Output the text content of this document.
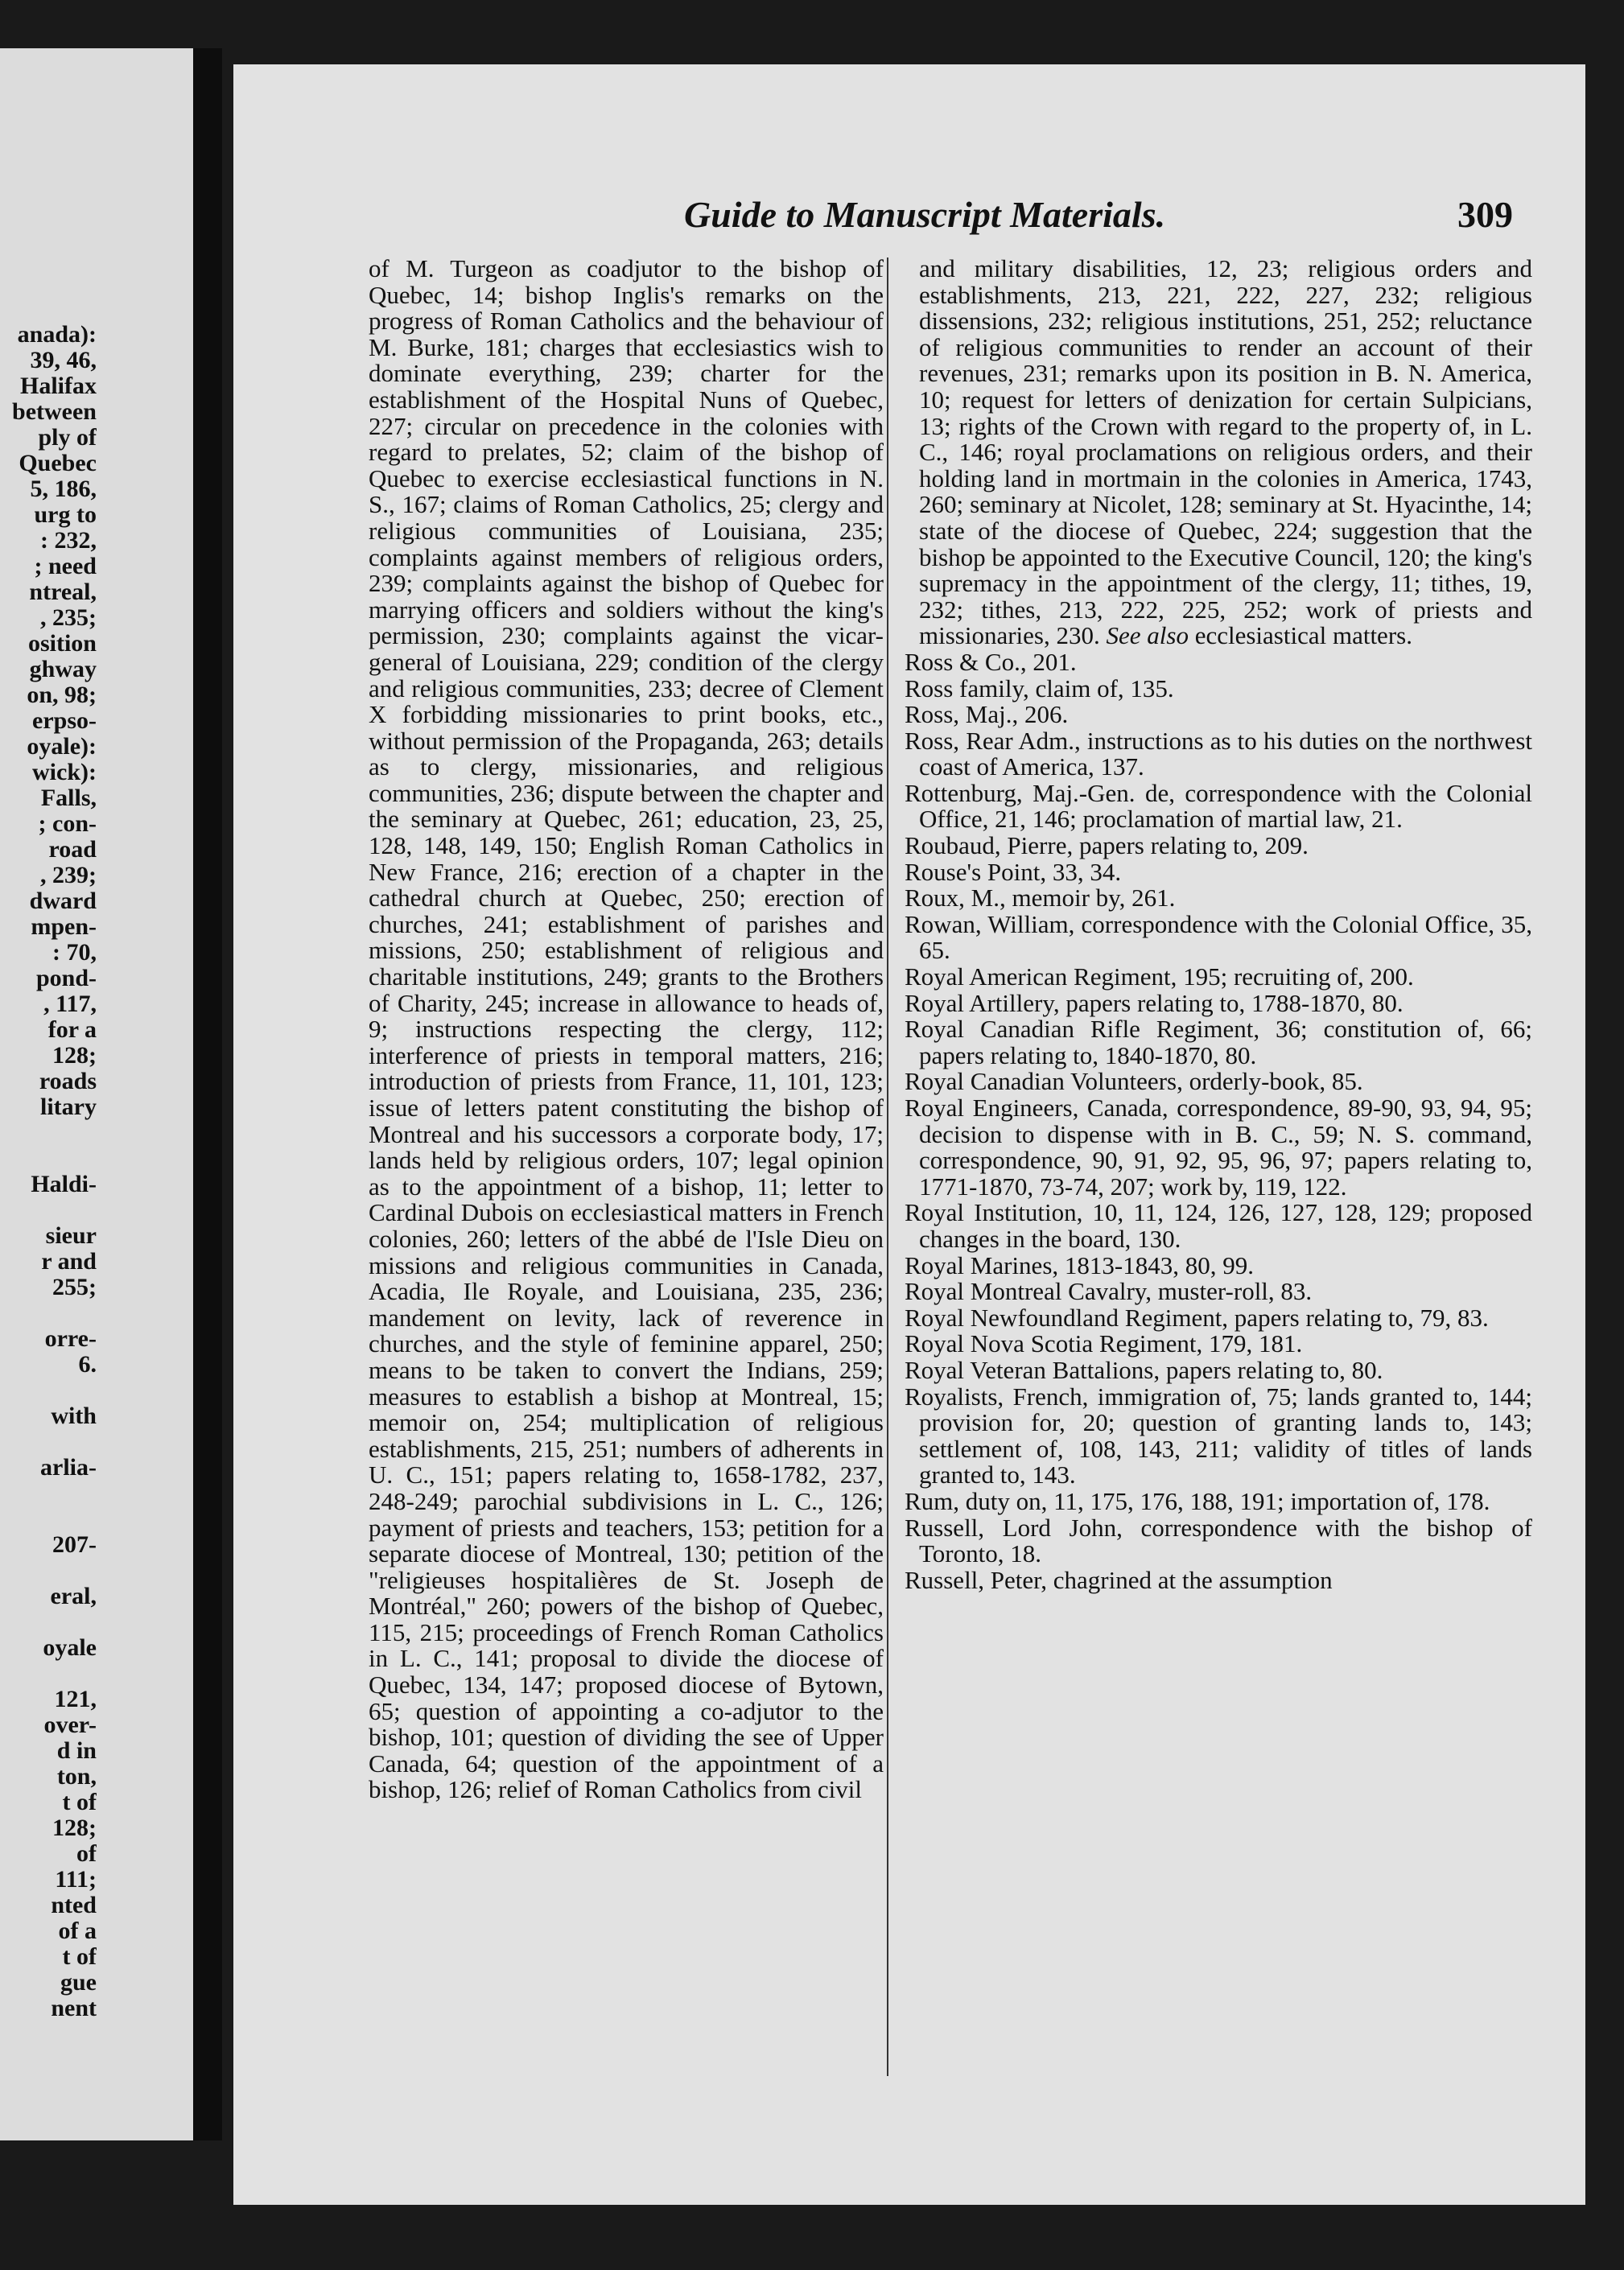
anada):
39, 46,
Halifax
between
ply of
Quebec
5, 186,
urg to
: 232,
; need
ntreal,
, 235;
osition
ghway
on, 98;
erpso-
oyale):
wick):
Falls,
; con-
road
, 239;
dward
mpen-
: 70,
pond-
, 117,
for a
128;
roads
litary

Haldi-

sieur
r and
255;

orre-
6.

with

arlia-

207-

eral,

oyale

121,
over-
d in
ton,
t of
128;
of
111;
nted
of a
t of
gue
nent
Guide to Manuscript Materials.	309

of M. Turgeon as coadjutor to the bishop of Quebec, 14; bishop Inglis's remarks on the progress of Roman Catholics and the behaviour of M. Burke, 181; charges that ecclesiastics wish to dominate everything, 239; charter for the establishment of the Hospital Nuns of Quebec, 227; circular on precedence in the colonies with regard to prelates, 52; claim of the bishop of Quebec to exercise ecclesiastical functions in N. S., 167; claims of Roman Catholics, 25; clergy and religious communities of Louisiana, 235; complaints against members of religious orders, 239; complaints against the bishop of Quebec for marrying officers and soldiers without the king's permission, 230; complaints against the vicar-general of Louisiana, 229; condition of the clergy and religious communities, 233; decree of Clement X forbidding missionaries to print books, etc., without permission of the Propaganda, 263; details as to clergy, missionaries, and religious communities, 236; dispute between the chapter and the seminary at Quebec, 261; education, 23, 25, 128, 148, 149, 150; English Roman Catholics in New France, 216; erection of a chapter in the cathedral church at Quebec, 250; erection of churches, 241; establishment of parishes and missions, 250; establishment of religious and charitable institutions, 249; grants to the Brothers of Charity, 245; increase in allowance to heads of, 9; instructions respecting the clergy, 112; interference of priests in temporal matters, 216; introduction of priests from France, 11, 101, 123; issue of letters patent constituting the bishop of Montreal and his successors a corporate body, 17; lands held by religious orders, 107; legal opinion as to the appointment of a bishop, 11; letter to Cardinal Dubois on ecclesiastical matters in French colonies, 260; letters of the abbé de l'Isle Dieu on missions and religious communities in Canada, Acadia, Ile Royale, and Louisiana, 235, 236; mandement on levity, lack of reverence in churches, and the style of feminine apparel, 250; means to be taken to convert the Indians, 259; measures to establish a bishop at Montreal, 15; memoir on, 254; multiplication of religious establishments, 215, 251; numbers of adherents in U. C., 151; papers relating to, 1658-1782, 237, 248-249; parochial subdivisions in L. C., 126; payment of priests and teachers, 153; petition for a separate diocese of Montreal, 130; petition of the "religieuses hospitalières de St. Joseph de Montréal," 260; powers of the bishop of Quebec, 115, 215; proceedings of French Roman Catholics in L. C., 141; proposal to divide the diocese of Quebec, 134, 147; proposed diocese of Bytown, 65; question of appointing a co-adjutor to the bishop, 101; question of dividing the see of Upper Canada, 64; question of the appointment of a bishop, 126; relief of Roman Catholics from civil

and military disabilities, 12, 23; religious orders and establishments, 213, 221, 222, 227, 232; religious dissensions, 232; religious institutions, 251, 252; reluctance of religious communities to render an account of their revenues, 231; remarks upon its position in B. N. America, 10; request for letters of denization for certain Sulpicians, 13; rights of the Crown with regard to the property of, in L. C., 146; royal proclamations on religious orders, and their holding land in mortmain in the colonies in America, 1743, 260; seminary at Nicolet, 128; seminary at St. Hyacinthe, 14; state of the diocese of Quebec, 224; suggestion that the bishop be appointed to the Executive Council, 120; the king's supremacy in the appointment of the clergy, 11; tithes, 19, 232; tithes, 213, 222, 225, 252; work of priests and missionaries, 230. See also ecclesiastical matters.

Ross & Co., 201.

Ross family, claim of, 135.

Ross, Maj., 206.

Ross, Rear Adm., instructions as to his duties on the northwest coast of America, 137.

Rottenburg, Maj.-Gen. de, correspondence with the Colonial Office, 21, 146; proclamation of martial law, 21.

Roubaud, Pierre, papers relating to, 209.

Rouse's Point, 33, 34.

Roux, M., memoir by, 261.

Rowan, William, correspondence with the Colonial Office, 35, 65.

Royal American Regiment, 195; recruiting of, 200.

Royal Artillery, papers relating to, 1788-1870, 80.

Royal Canadian Rifle Regiment, 36; constitution of, 66; papers relating to, 1840-1870, 80.

Royal Canadian Volunteers, orderly-book, 85.

Royal Engineers, Canada, correspondence, 89-90, 93, 94, 95; decision to dispense with in B. C., 59; N. S. command, correspondence, 90, 91, 92, 95, 96, 97; papers relating to, 1771-1870, 73-74, 207; work by, 119, 122.

Royal Institution, 10, 11, 124, 126, 127, 128, 129; proposed changes in the board, 130.

Royal Marines, 1813-1843, 80, 99.

Royal Montreal Cavalry, muster-roll, 83.

Royal Newfoundland Regiment, papers relating to, 79, 83.

Royal Nova Scotia Regiment, 179, 181.

Royal Veteran Battalions, papers relating to, 80.

Royalists, French, immigration of, 75; lands granted to, 144; provision for, 20; question of granting lands to, 143; settlement of, 108, 143, 211; validity of titles of lands granted to, 143.

Rum, duty on, 11, 175, 176, 188, 191; importation of, 178.

Russell, Lord John, correspondence with the bishop of Toronto, 18.

Russell, Peter, chagrined at the assumption
